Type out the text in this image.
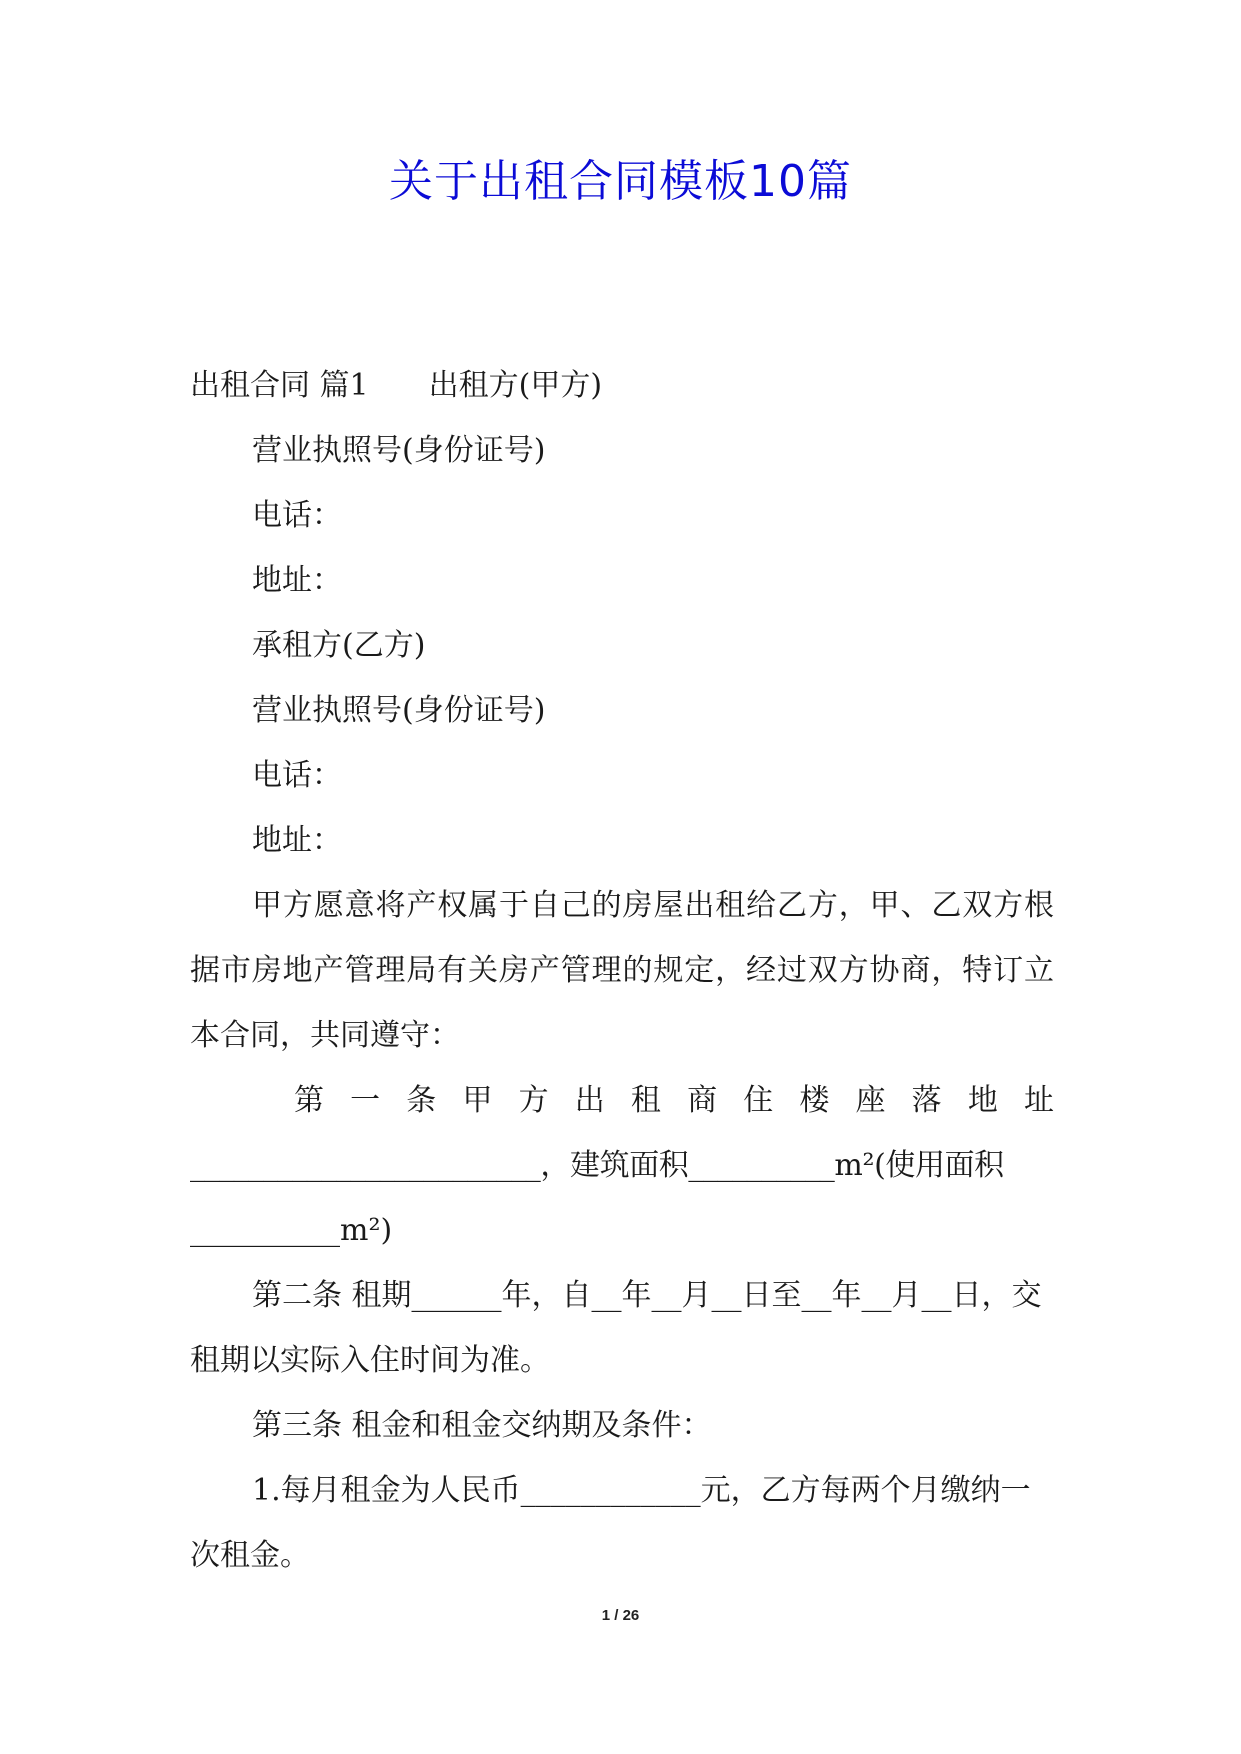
关于出租合同模板10篇

出租合同 篇1 出租方(甲方)

营业执照号(身份证号)

电话：

地址：

承租方(乙方)

营业执照号(身份证号)

电话：

地址：

甲方愿意将产权属于自己的房屋出租给乙方，甲、乙双方根据市房地产管理局有关房产管理的规定，经过双方协商，特订立本合同，共同遵守：

第 一 条 甲 方 出 租 商 住 楼 座 落 地 址

________________________，建筑面积__________m²(使用面积

__________m²)

第二条 租期______年，自__年__月__日至__年__月__日，交租期以实际入住时间为准。

第三条 租金和租金交纳期及条件：

1.每月租金为人民币____________元，乙方每两个月缴纳一次租金。

1 / 26
